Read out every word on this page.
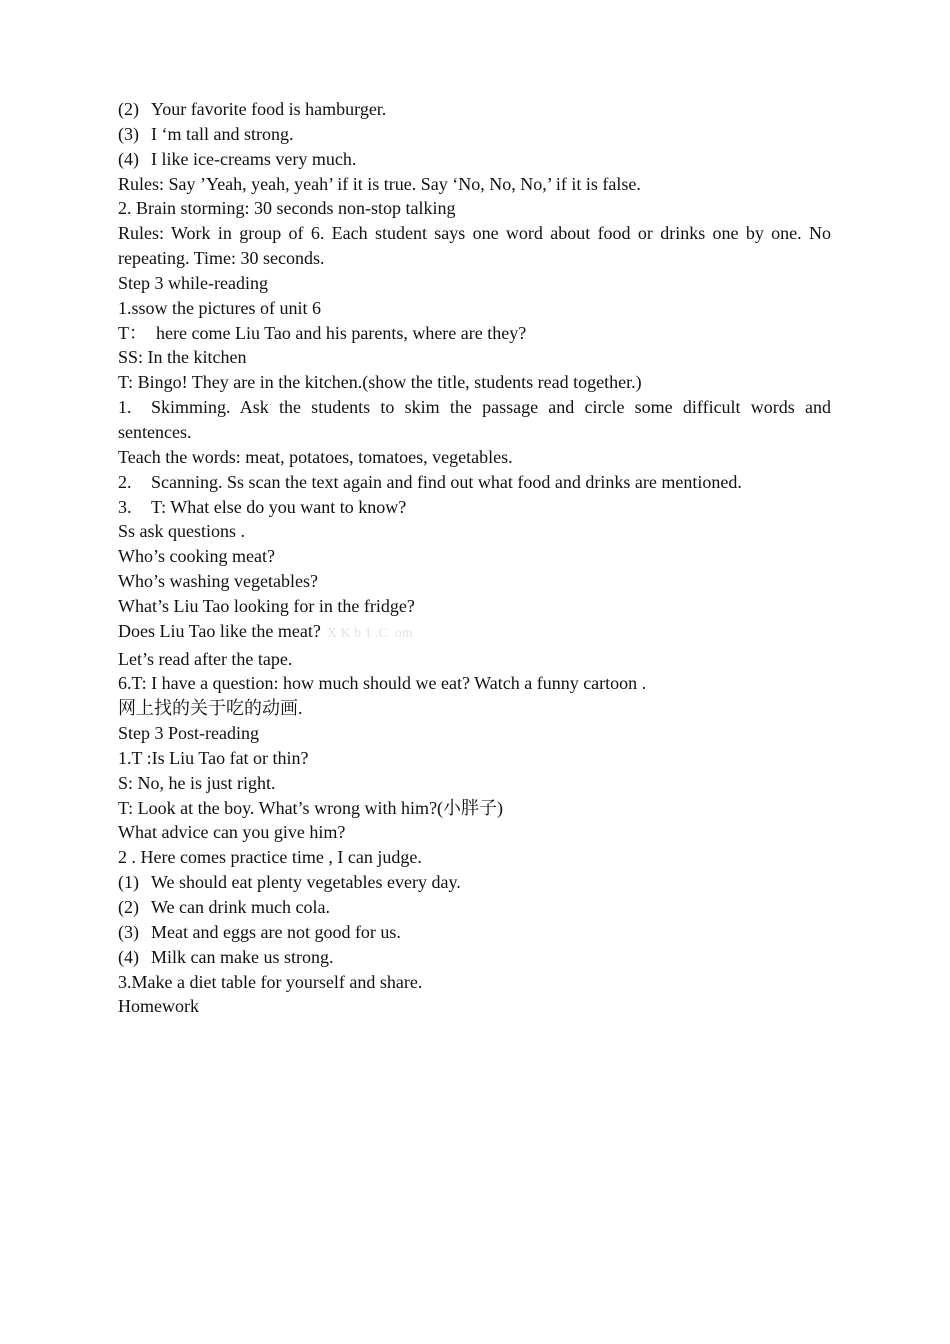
(2) Your favorite food is hamburger.
(3) I ‘m tall and strong.
(4) I like ice-creams very much.
Rules: Say ’Yeah, yeah, yeah’ if it is true. Say ‘No, No, No,’ if it is false.
2. Brain storming: 30 seconds non-stop talking
Rules: Work in group of 6. Each student says one word about food or drinks one by one. No repeating. Time: 30 seconds.
Step 3 while-reading
1.ssow the pictures of unit 6
T：  here come Liu Tao and his parents, where are they?
SS: In the kitchen
T: Bingo! They are in the kitchen.(show the title, students read together.)
1. Skimming. Ask the students to skim the passage and circle some difficult words and sentences.
Teach the words: meat, potatoes, tomatoes, vegetables.
2. Scanning. Ss scan the text again and find out what food and drinks are mentioned.
3. T: What else do you want to know?
Ss ask questions .
Who’s cooking meat?
Who’s washing vegetables?
What’s Liu Tao looking for in the fridge?
Does Liu Tao like the meat? X K b 1 .C  om
Let’s read after the tape.
6.T: I have a question: how much should we eat? Watch a funny cartoon .
网上找的关于吃的动画.
Step 3 Post-reading
1.T :Is Liu Tao fat or thin?
S: No, he is just right.
T: Look at the boy. What’s wrong with him?(小胖子)
What advice can you give him?
2 . Here comes practice time , I can judge.
(1) We should eat plenty vegetables every day.
(2) We can drink much cola.
(3) Meat and eggs are not good for us.
(4) Milk can make us strong.
3.Make a diet table for yourself and share.
Homework
